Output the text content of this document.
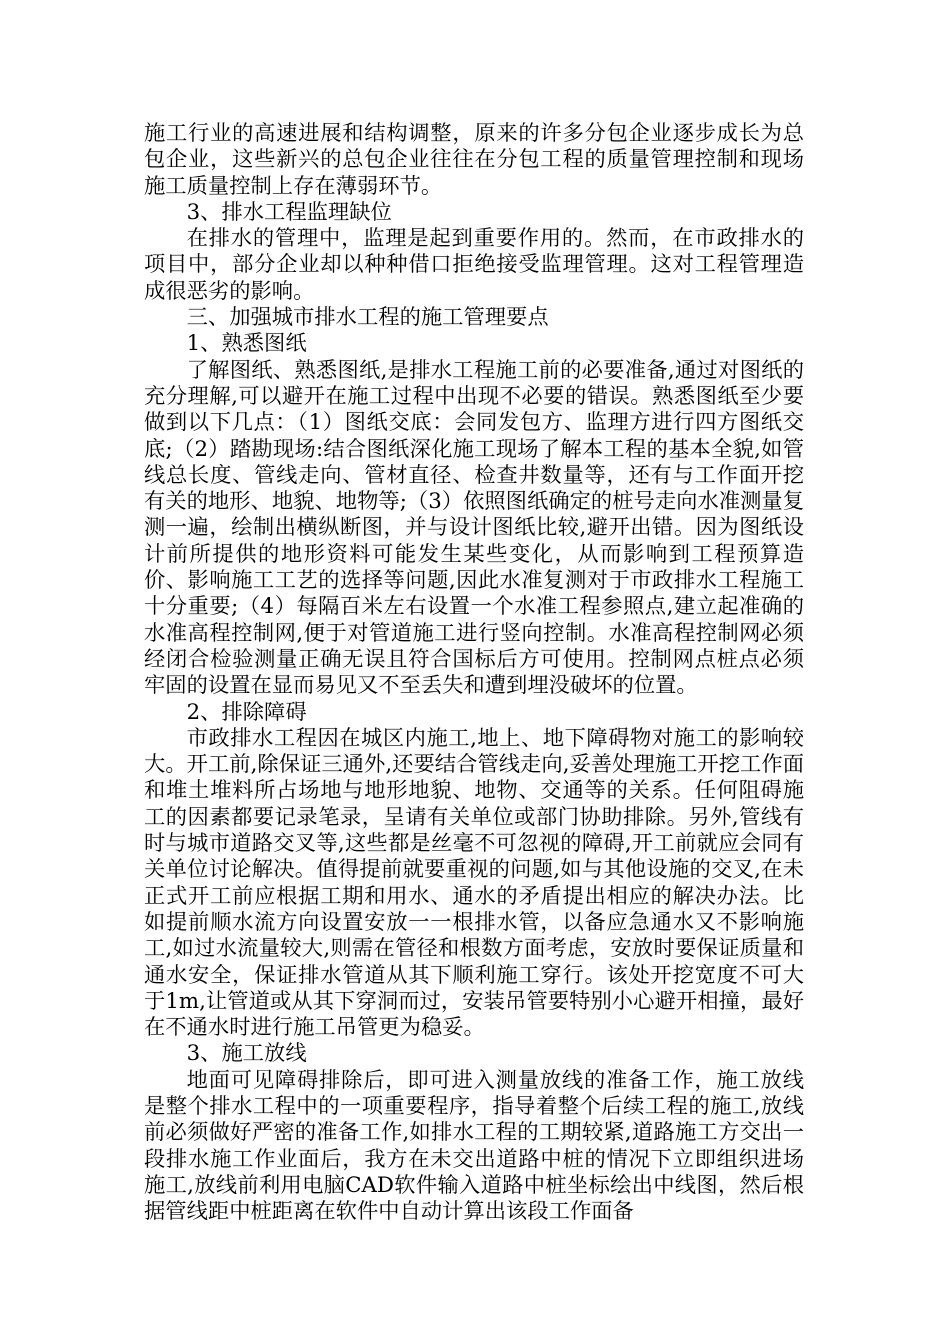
施工行业的高速进展和结构调整，原来的许多分包企业逐步成长为总包企业，这些新兴的总包企业往往在分包工程的质量管理控制和现场施工质量控制上存在薄弱环节。

3、排水工程监理缺位

在排水的管理中，监理是起到重要作用的。然而，在市政排水的项目中，部分企业却以种种借口拒绝接受监理管理。这对工程管理造成很恶劣的影响。

三、加强城市排水工程的施工管理要点

1、熟悉图纸

了解图纸、熟悉图纸,是排水工程施工前的必要准备,通过对图纸的充分理解,可以避开在施工过程中出现不必要的错误。熟悉图纸至少要做到以下几点：（1）图纸交底：会同发包方、监理方进行四方图纸交底;（2）踏勘现场:结合图纸深化施工现场了解本工程的基本全貌,如管线总长度、管线走向、管材直径、检查井数量等，还有与工作面开挖有关的地形、地貌、地物等;（3）依照图纸确定的桩号走向水准测量复测一遍，绘制出横纵断图，并与设计图纸比较,避开出错。因为图纸设计前所提供的地形资料可能发生某些变化，从而影响到工程预算造价、影响施工工艺的选择等问题,因此水准复测对于市政排水工程施工十分重要;（4）每隔百米左右设置一个水准工程参照点,建立起准确的水准高程控制网,便于对管道施工进行竖向控制。水准高程控制网必须经闭合检验测量正确无误且符合国标后方可使用。控制网点桩点必须牢固的设置在显而易见又不至丢失和遭到埋没破坏的位置。

2、排除障碍

市政排水工程因在城区内施工,地上、地下障碍物对施工的影响较大。开工前,除保证三通外,还要结合管线走向,妥善处理施工开挖工作面和堆土堆料所占场地与地形地貌、地物、交通等的关系。任何阻碍施工的因素都要记录笔录，呈请有关单位或部门协助排除。另外,管线有时与城市道路交叉等,这些都是丝毫不可忽视的障碍,开工前就应会同有关单位讨论解决。值得提前就要重视的问题,如与其他设施的交叉,在未正式开工前应根据工期和用水、通水的矛盾提出相应的解决办法。比如提前顺水流方向设置安放一一根排水管，以备应急通水又不影响施工,如过水流量较大,则需在管径和根数方面考虑，安放时要保证质量和通水安全，保证排水管道从其下顺利施工穿行。该处开挖宽度不可大于1m,让管道或从其下穿洞而过，安装吊管要特别小心避开相撞，最好在不通水时进行施工吊管更为稳妥。

3、施工放线

地面可见障碍排除后，即可进入测量放线的准备工作，施工放线是整个排水工程中的一项重要程序，指导着整个后续工程的施工,放线前必须做好严密的准备工作,如排水工程的工期较紧,道路施工方交出一段排水施工作业面后，我方在未交出道路中桩的情况下立即组织进场施工,放线前利用电脑CAD软件输入道路中桩坐标绘出中线图，然后根据管线距中桩距离在软件中自动计算出该段工作面备
